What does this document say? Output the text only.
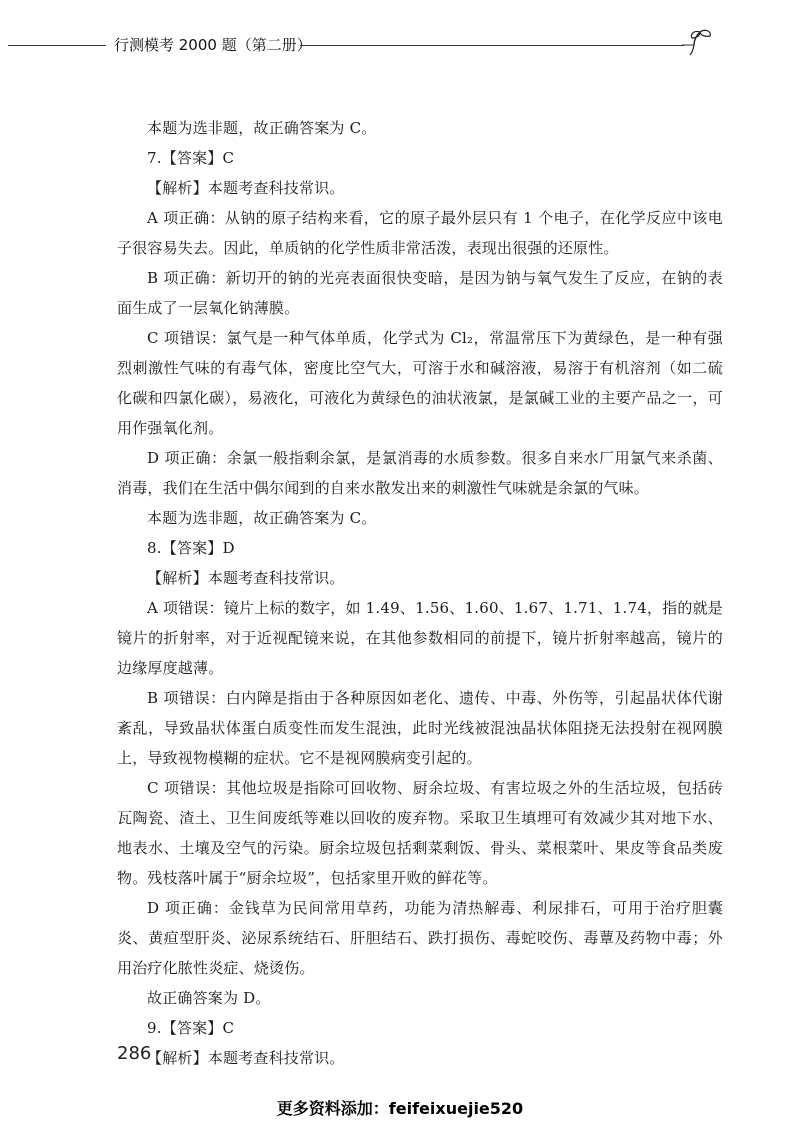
行测模考 2000 题（第二册）

本题为选非题，故正确答案为 C。

7.【答案】C

【解析】本题考查科技常识。

A 项正确：从钠的原子结构来看，它的原子最外层只有 1 个电子，在化学反应中该电子很容易失去。因此，单质钠的化学性质非常活泼，表现出很强的还原性。

B 项正确：新切开的钠的光亮表面很快变暗，是因为钠与氧气发生了反应，在钠的表面生成了一层氧化钠薄膜。

C 项错误：氯气是一种气体单质，化学式为 Cl₂，常温常压下为黄绿色，是一种有强烈刺激性气味的有毒气体，密度比空气大，可溶于水和碱溶液，易溶于有机溶剂（如二硫化碳和四氯化碳），易液化，可液化为黄绿色的油状液氯，是氯碱工业的主要产品之一，可用作强氧化剂。

D 项正确：余氯一般指剩余氯，是氯消毒的水质参数。很多自来水厂用氯气来杀菌、消毒，我们在生活中偶尔闻到的自来水散发出来的刺激性气味就是余氯的气味。

本题为选非题，故正确答案为 C。

8.【答案】D

【解析】本题考查科技常识。

A 项错误：镜片上标的数字，如 1.49、1.56、1.60、1.67、1.71、1.74，指的就是镜片的折射率，对于近视配镜来说，在其他参数相同的前提下，镜片折射率越高，镜片的边缘厚度越薄。

B 项错误：白内障是指由于各种原因如老化、遗传、中毒、外伤等，引起晶状体代谢紊乱，导致晶状体蛋白质变性而发生混浊，此时光线被混浊晶状体阻挠无法投射在视网膜上，导致视物模糊的症状。它不是视网膜病变引起的。

C 项错误：其他垃圾是指除可回收物、厨余垃圾、有害垃圾之外的生活垃圾，包括砖瓦陶瓷、渣土、卫生间废纸等难以回收的废弃物。采取卫生填埋可有效减少其对地下水、地表水、土壤及空气的污染。厨余垃圾包括剩菜剩饭、骨头、菜根菜叶、果皮等食品类废物。残枝落叶属于“厨余垃圾”，包括家里开败的鲜花等。

D 项正确：金钱草为民间常用草药，功能为清热解毒、利尿排石，可用于治疗胆囊炎、黄疸型肝炎、泌尿系统结石、肝胆结石、跌打损伤、毒蛇咬伤、毒蕈及药物中毒；外用治疗化脓性炎症、烧烫伤。

故正确答案为 D。

9.【答案】C

【解析】本题考查科技常识。

286
更多资料添加：feifeixuejie520
